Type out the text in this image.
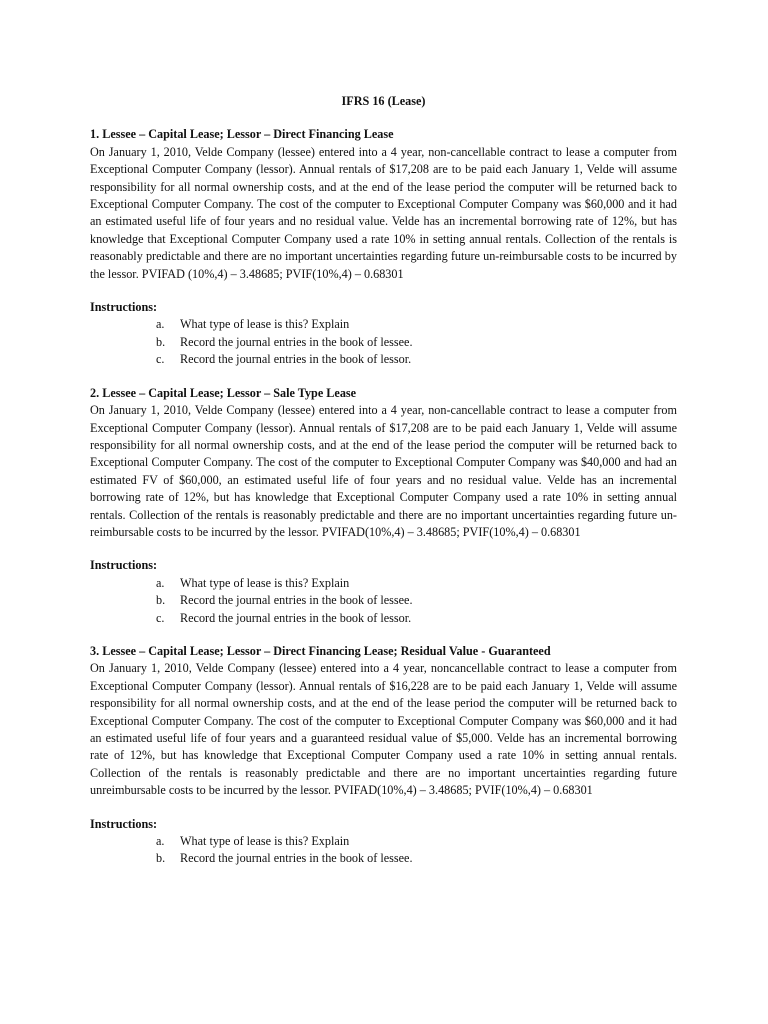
IFRS 16 (Lease)
1. Lessee – Capital Lease; Lessor – Direct Financing Lease

On January 1, 2010, Velde Company (lessee) entered into a 4 year, non-cancellable contract to lease a computer from Exceptional Computer Company (lessor). Annual rentals of $17,208 are to be paid each January 1, Velde will assume responsibility for all normal ownership costs, and at the end of the lease period the computer will be returned back to Exceptional Computer Company. The cost of the computer to Exceptional Computer Company was $60,000 and it had an estimated useful life of four years and no residual value. Velde has an incremental borrowing rate of 12%, but has knowledge that Exceptional Computer Company used a rate 10% in setting annual rentals. Collection of the rentals is reasonably predictable and there are no important uncertainties regarding future un-reimbursable costs to be incurred by the lessor. PVIFAD (10%,4) – 3.48685; PVIF(10%,4) – 0.68301

Instructions:
a. What type of lease is this? Explain
b. Record the journal entries in the book of lessee.
c. Record the journal entries in the book of lessor.
2. Lessee – Capital Lease; Lessor – Sale Type Lease

On January 1, 2010, Velde Company (lessee) entered into a 4 year, non-cancellable contract to lease a computer from Exceptional Computer Company (lessor). Annual rentals of $17,208 are to be paid each January 1, Velde will assume responsibility for all normal ownership costs, and at the end of the lease period the computer will be returned back to Exceptional Computer Company. The cost of the computer to Exceptional Computer Company was $40,000 and had an estimated FV of $60,000, an estimated useful life of four years and no residual value. Velde has an incremental borrowing rate of 12%, but has knowledge that Exceptional Computer Company used a rate 10% in setting annual rentals. Collection of the rentals is reasonably predictable and there are no important uncertainties regarding future un-reimbursable costs to be incurred by the lessor. PVIFAD(10%,4) – 3.48685; PVIF(10%,4) – 0.68301

Instructions:
a. What type of lease is this? Explain
b. Record the journal entries in the book of lessee.
c. Record the journal entries in the book of lessor.
3. Lessee – Capital Lease; Lessor – Direct Financing Lease; Residual Value - Guaranteed

On January 1, 2010, Velde Company (lessee) entered into a 4 year, noncancellable contract to lease a computer from Exceptional Computer Company (lessor). Annual rentals of $16,228 are to be paid each January 1, Velde will assume responsibility for all normal ownership costs, and at the end of the lease period the computer will be returned back to Exceptional Computer Company. The cost of the computer to Exceptional Computer Company was $60,000 and it had an estimated useful life of four years and a guaranteed residual value of $5,000. Velde has an incremental borrowing rate of 12%, but has knowledge that Exceptional Computer Company used a rate 10% in setting annual rentals. Collection of the rentals is reasonably predictable and there are no important uncertainties regarding future unreimbursable costs to be incurred by the lessor. PVIFAD(10%,4) – 3.48685; PVIF(10%,4) – 0.68301

Instructions:
a. What type of lease is this? Explain
b. Record the journal entries in the book of lessee.
